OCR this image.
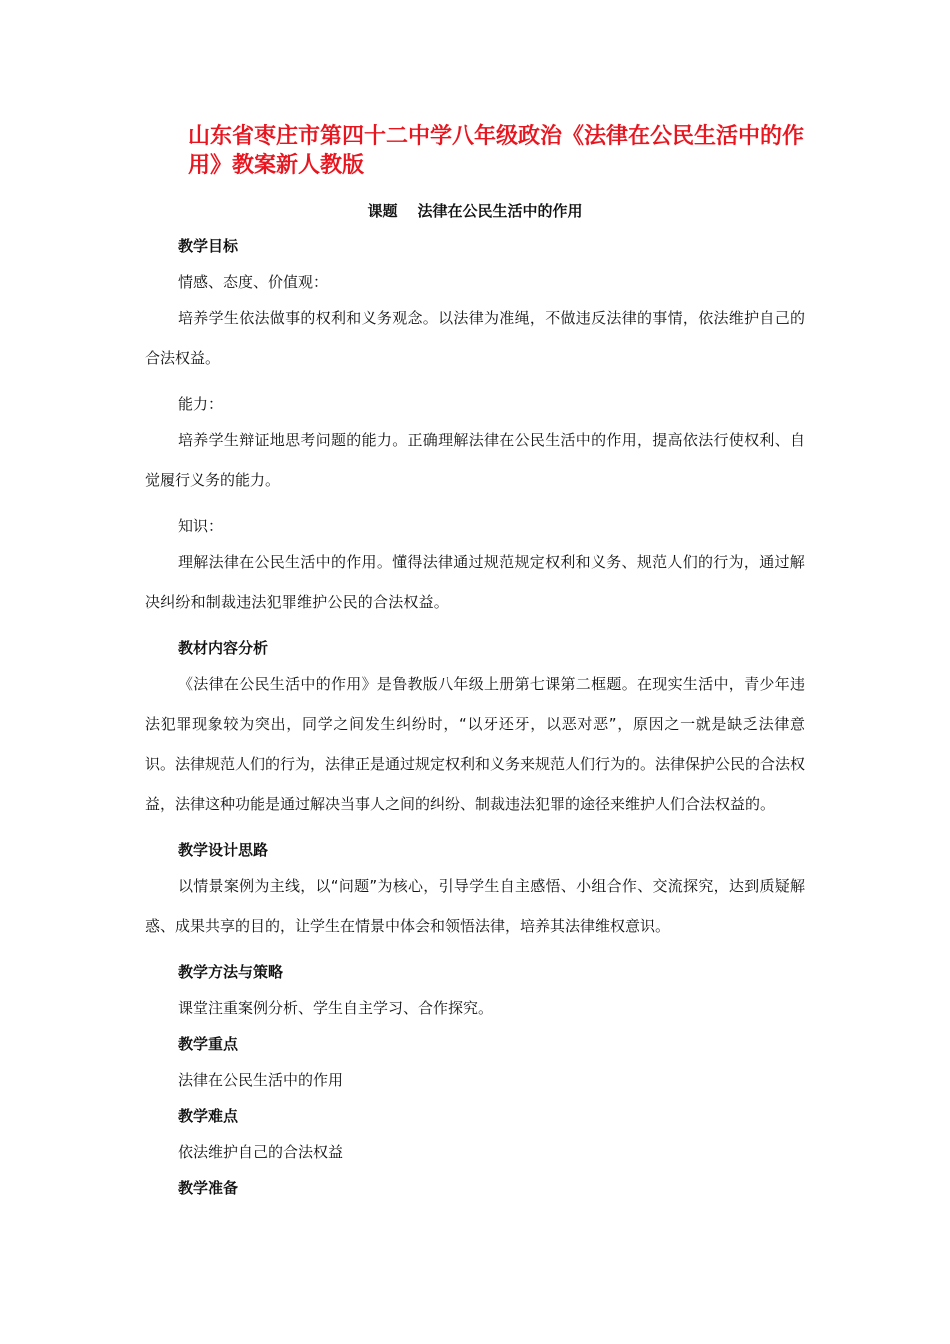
山东省枣庄市第四十二中学八年级政治《法律在公民生活中的作用》教案新人教版
课题 法律在公民生活中的作用

教学目标

情感、态度、价值观：

培养学生依法做事的权利和义务观念。以法律为准绳，不做违反法律的事情，依法维护自己的合法权益。

能力：

培养学生辩证地思考问题的能力。正确理解法律在公民生活中的作用，提高依法行使权利、自觉履行义务的能力。

知识：

理解法律在公民生活中的作用。懂得法律通过规范规定权利和义务、规范人们的行为，通过解决纠纷和制裁违法犯罪维护公民的合法权益。

教材内容分析

《法律在公民生活中的作用》是鲁教版八年级上册第七课第二框题。在现实生活中，青少年违法犯罪现象较为突出，同学之间发生纠纷时，“以牙还牙，以恶对恶”，原因之一就是缺乏法律意识。法律规范人们的行为，法律正是通过规定权利和义务来规范人们行为的。法律保护公民的合法权益，法律这种功能是通过解决当事人之间的纠纷、制裁违法犯罪的途径来维护人们合法权益的。

教学设计思路

以情景案例为主线，以“问题”为核心，引导学生自主感悟、小组合作、交流探究，达到质疑解惑、成果共享的目的，让学生在情景中体会和领悟法律，培养其法律维权意识。

教学方法与策略

课堂注重案例分析、学生自主学习、合作探究。

教学重点

法律在公民生活中的作用

教学难点

依法维护自己的合法权益

教学准备
